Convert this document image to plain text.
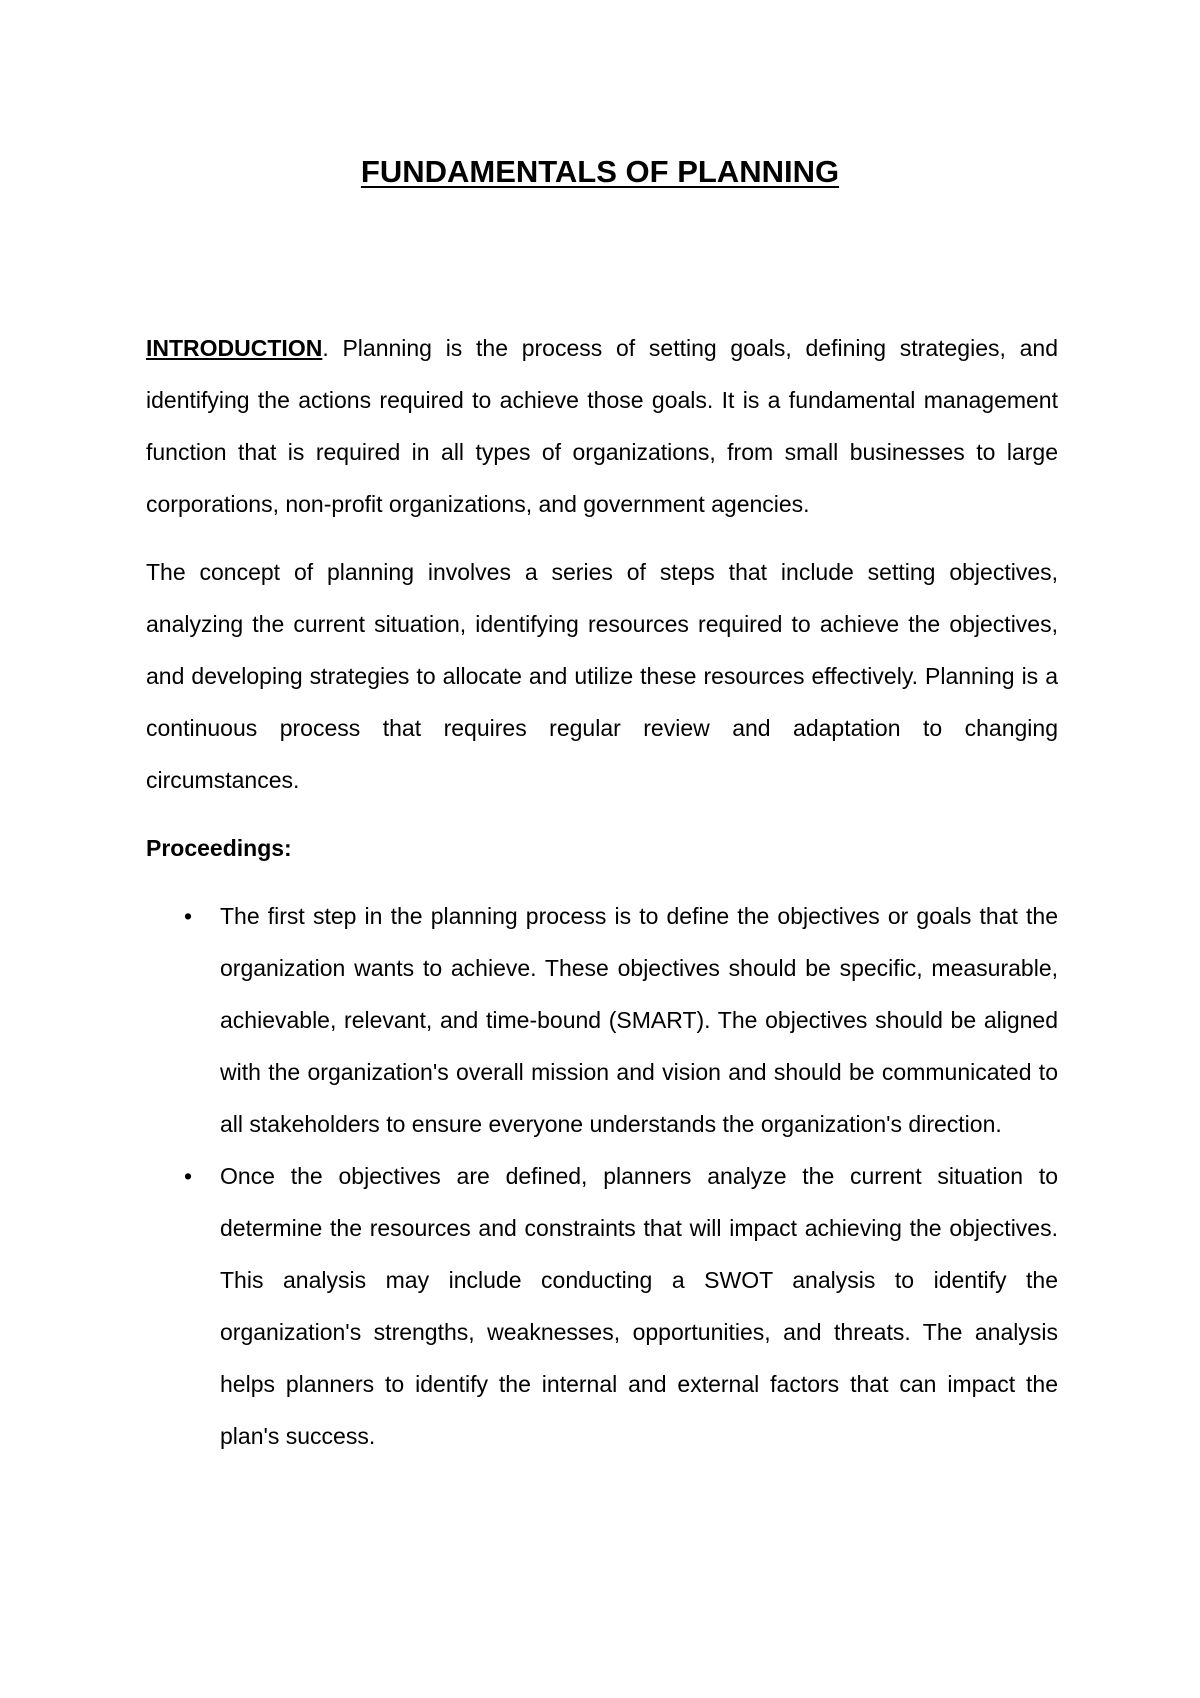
FUNDAMENTALS OF PLANNING

INTRODUCTION. Planning is the process of setting goals, defining strategies, and identifying the actions required to achieve those goals. It is a fundamental management function that is required in all types of organizations, from small businesses to large corporations, non-profit organizations, and government agencies.

The concept of planning involves a series of steps that include setting objectives, analyzing the current situation, identifying resources required to achieve the objectives, and developing strategies to allocate and utilize these resources effectively. Planning is a continuous process that requires regular review and adaptation to changing circumstances.

Proceedings:

• The first step in the planning process is to define the objectives or goals that the organization wants to achieve. These objectives should be specific, measurable, achievable, relevant, and time-bound (SMART). The objectives should be aligned with the organization's overall mission and vision and should be communicated to all stakeholders to ensure everyone understands the organization's direction.
• Once the objectives are defined, planners analyze the current situation to determine the resources and constraints that will impact achieving the objectives. This analysis may include conducting a SWOT analysis to identify the organization's strengths, weaknesses, opportunities, and threats. The analysis helps planners to identify the internal and external factors that can impact the plan's success.
